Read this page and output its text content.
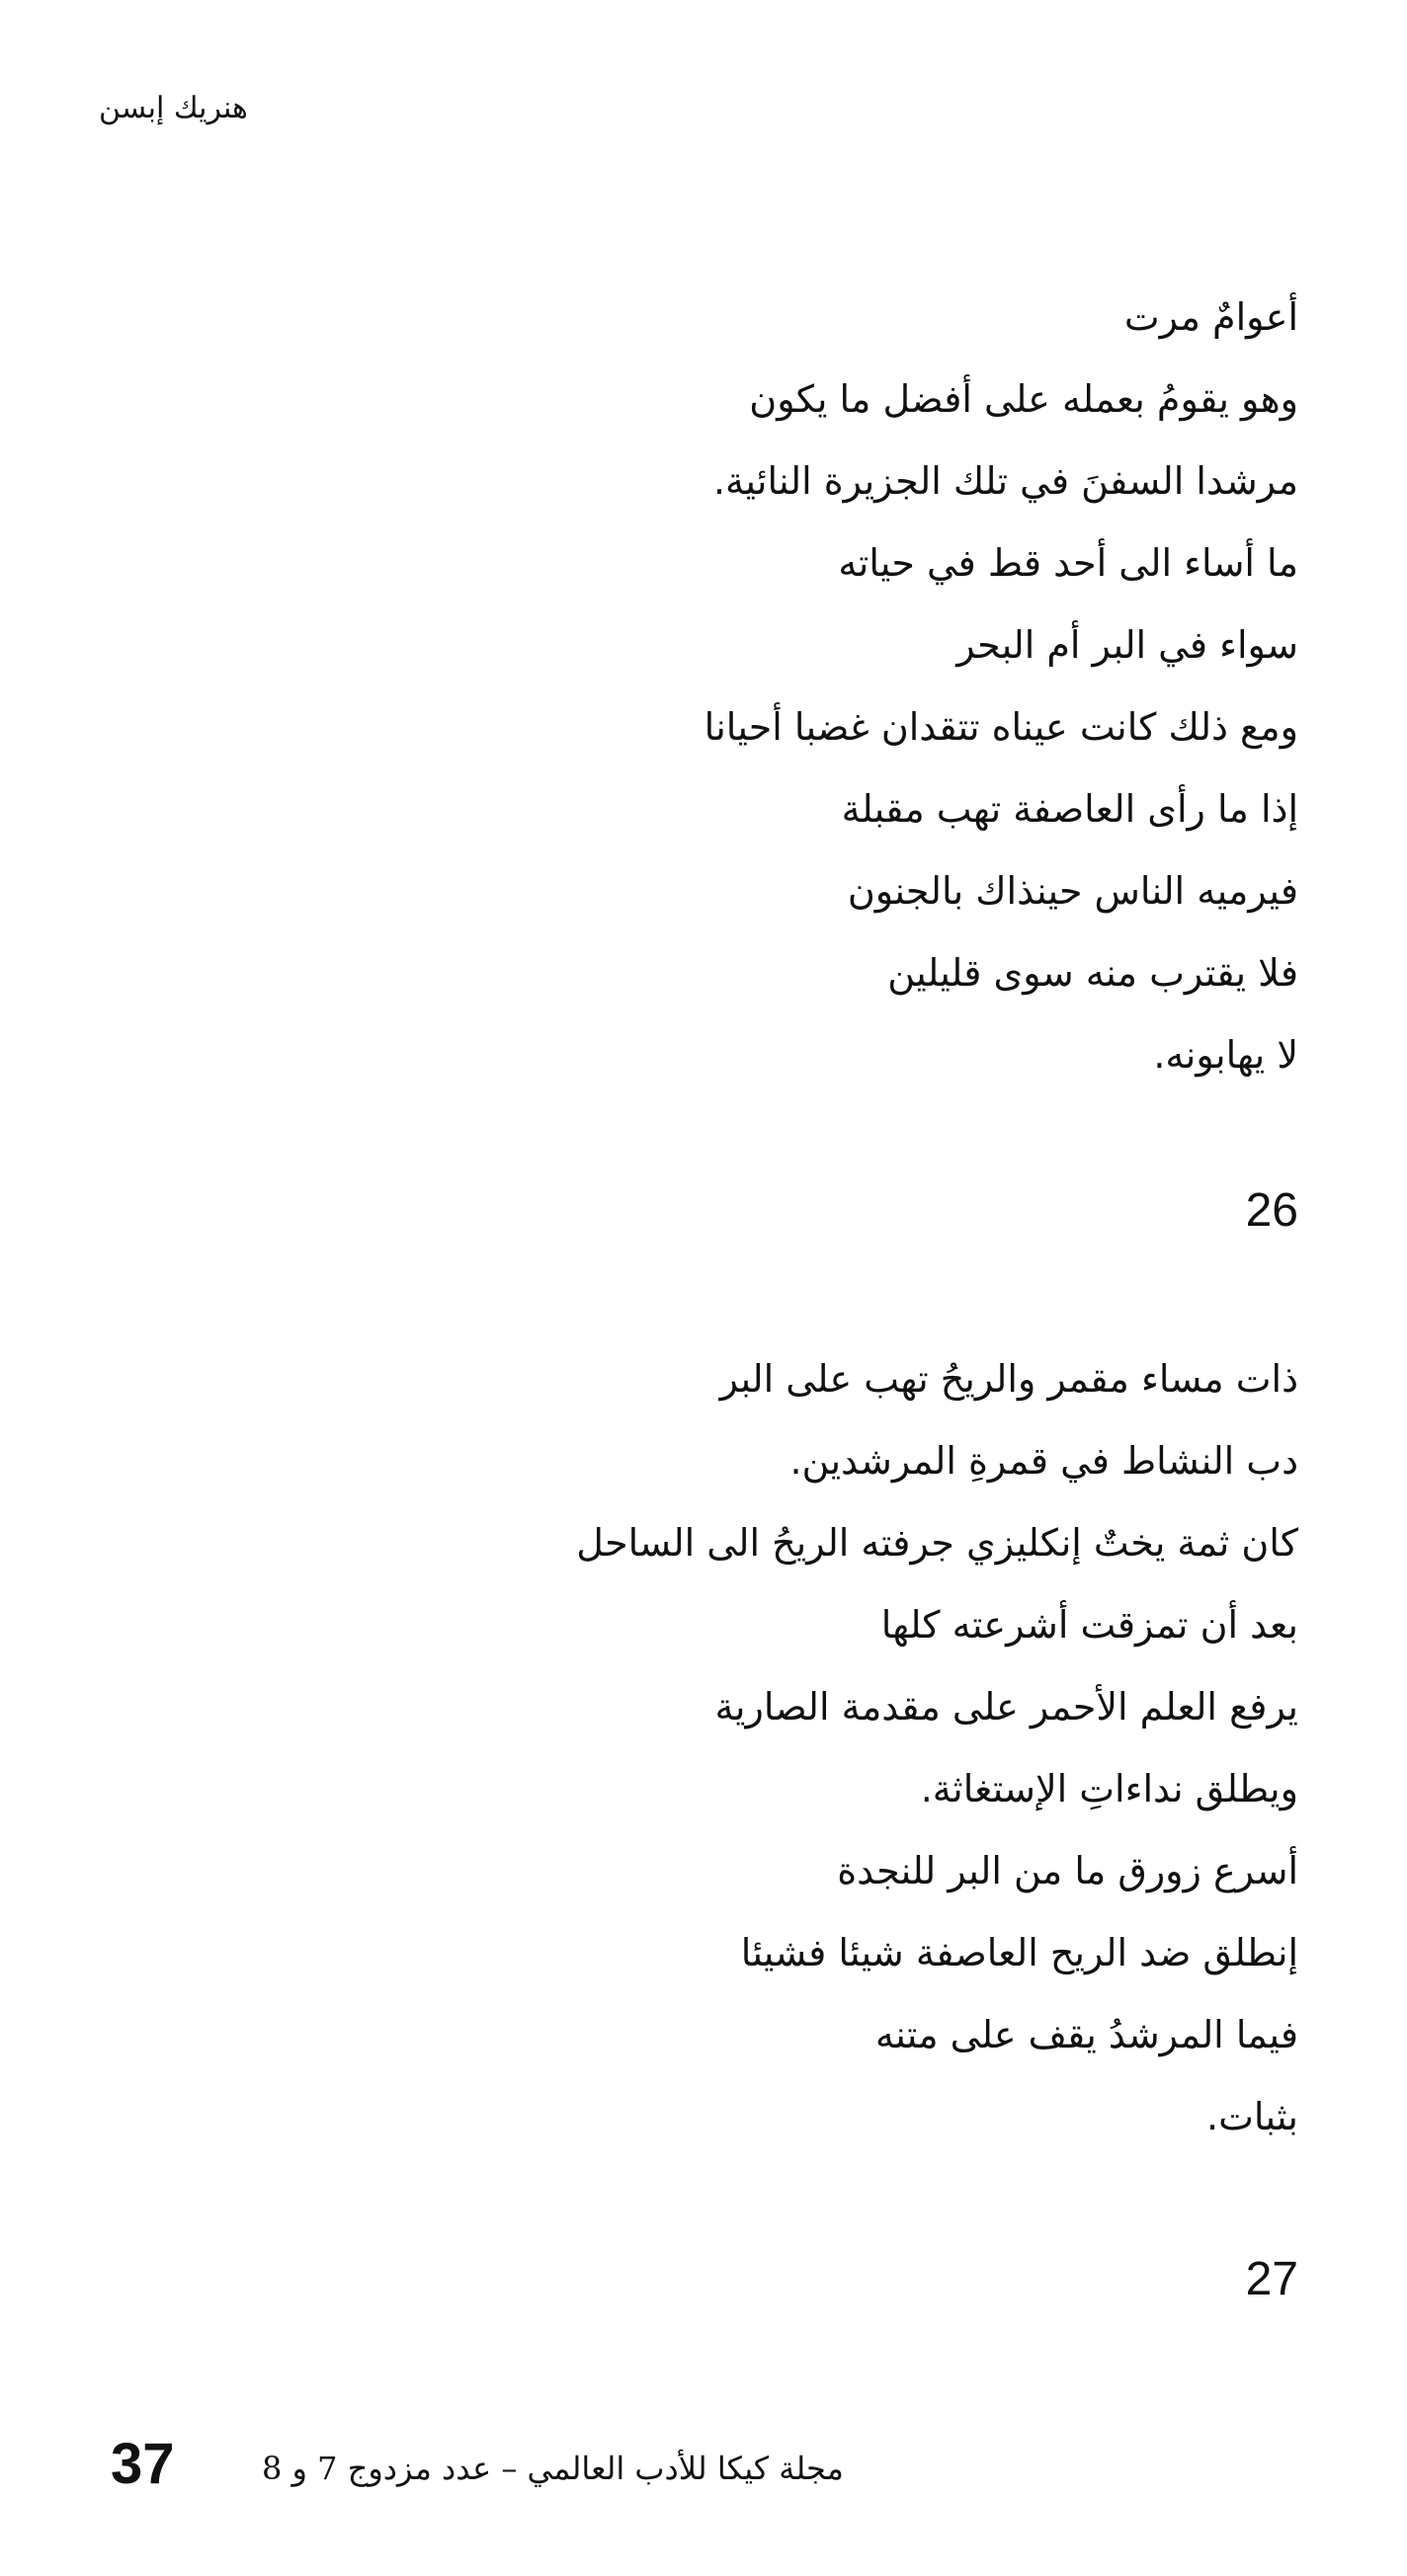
هنريك إبسن
أعوامٌ مرت
وهو يقومُ بعمله على أفضل ما يكون
مرشدا السفنَ في تلك الجزيرة النائية.
ما أساء الى أحد قط في حياته
سواء في البر أم البحر
ومع ذلك كانت عيناه تتقدان غضبا أحيانا
إذا ما رأى العاصفة تهب مقبلة
فيرميه الناس حينذاك بالجنون
فلا يقترب منه سوى قليلين
لا يهابونه.
26
ذات مساء مقمر والريحُ تهب على البر
دب النشاط في قمرةِ المرشدين.
كان ثمة يختٌ إنكليزي جرفته الريحُ الى الساحل
بعد أن تمزقت أشرعته كلها
يرفع العلم الأحمر على مقدمة الصارية
ويطلق نداءاتِ الإستغاثة.
أسرع زورق ما من البر للنجدة
إنطلق ضد الريح العاصفة شيئا فشيئا
فيما المرشدُ يقف على متنه
بثبات.
27
37	مجلة كيكا للأدب العالمي – عدد مزدوج 7 و 8
